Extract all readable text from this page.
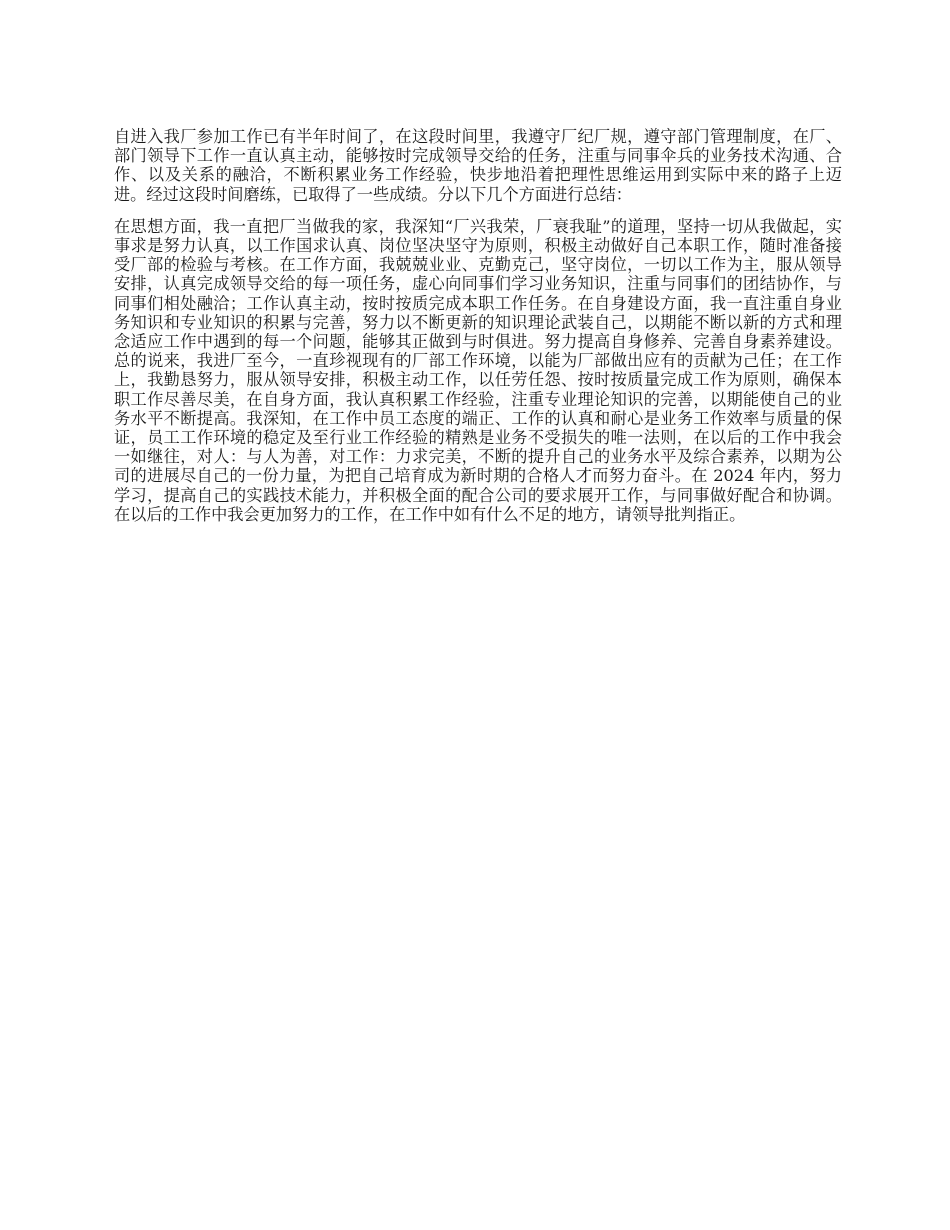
自进入我厂参加工作已有半年时间了，在这段时间里，我遵守厂纪厂规，遵守部门管理制度，在厂、部门领导下工作一直认真主动，能够按时完成领导交给的任务，注重与同事伞兵的业务技术沟通、合作、以及关系的融洽，不断积累业务工作经验，快步地沿着把理性思维运用到实际中来的路子上迈进。经过这段时间磨练，已取得了一些成绩。分以下几个方面进行总结：

在思想方面，我一直把厂当做我的家，我深知“厂兴我荣，厂衰我耻”的道理，坚持一切从我做起，实事求是努力认真，以工作国求认真、岗位坚决坚守为原则，积极主动做好自己本职工作，随时准备接受厂部的检验与考核。在工作方面，我兢兢业业、克勤克己，坚守岗位，一切以工作为主，服从领导安排，认真完成领导交给的每一项任务，虚心向同事们学习业务知识，注重与同事们的团结协作，与同事们相处融洽；工作认真主动，按时按质完成本职工作任务。在自身建设方面，我一直注重自身业务知识和专业知识的积累与完善，努力以不断更新的知识理论武装自己，以期能不断以新的方式和理念适应工作中遇到的每一个问题，能够其正做到与时俱进。努力提高自身修养、完善自身素养建设。总的说来，我进厂至今，一直珍视现有的厂部工作环境，以能为厂部做出应有的贡献为己任；在工作上，我勤恳努力，服从领导安排，积极主动工作，以任劳任怨、按时按质量完成工作为原则，确保本职工作尽善尽美，在自身方面，我认真积累工作经验，注重专业理论知识的完善，以期能使自己的业务水平不断提高。我深知，在工作中员工态度的端正、工作的认真和耐心是业务工作效率与质量的保证，员工工作环境的稳定及至行业工作经验的精熟是业务不受损失的唯一法则，在以后的工作中我会一如继往，对人：与人为善，对工作：力求完美，不断的提升自己的业务水平及综合素养，以期为公司的进展尽自己的一份力量，为把自己培育成为新时期的合格人才而努力奋斗。在 2024 年内，努力学习，提高自己的实践技术能力，并积极全面的配合公司的要求展开工作，与同事做好配合和协调。在以后的工作中我会更加努力的工作，在工作中如有什么不足的地方，请领导批判指正。
